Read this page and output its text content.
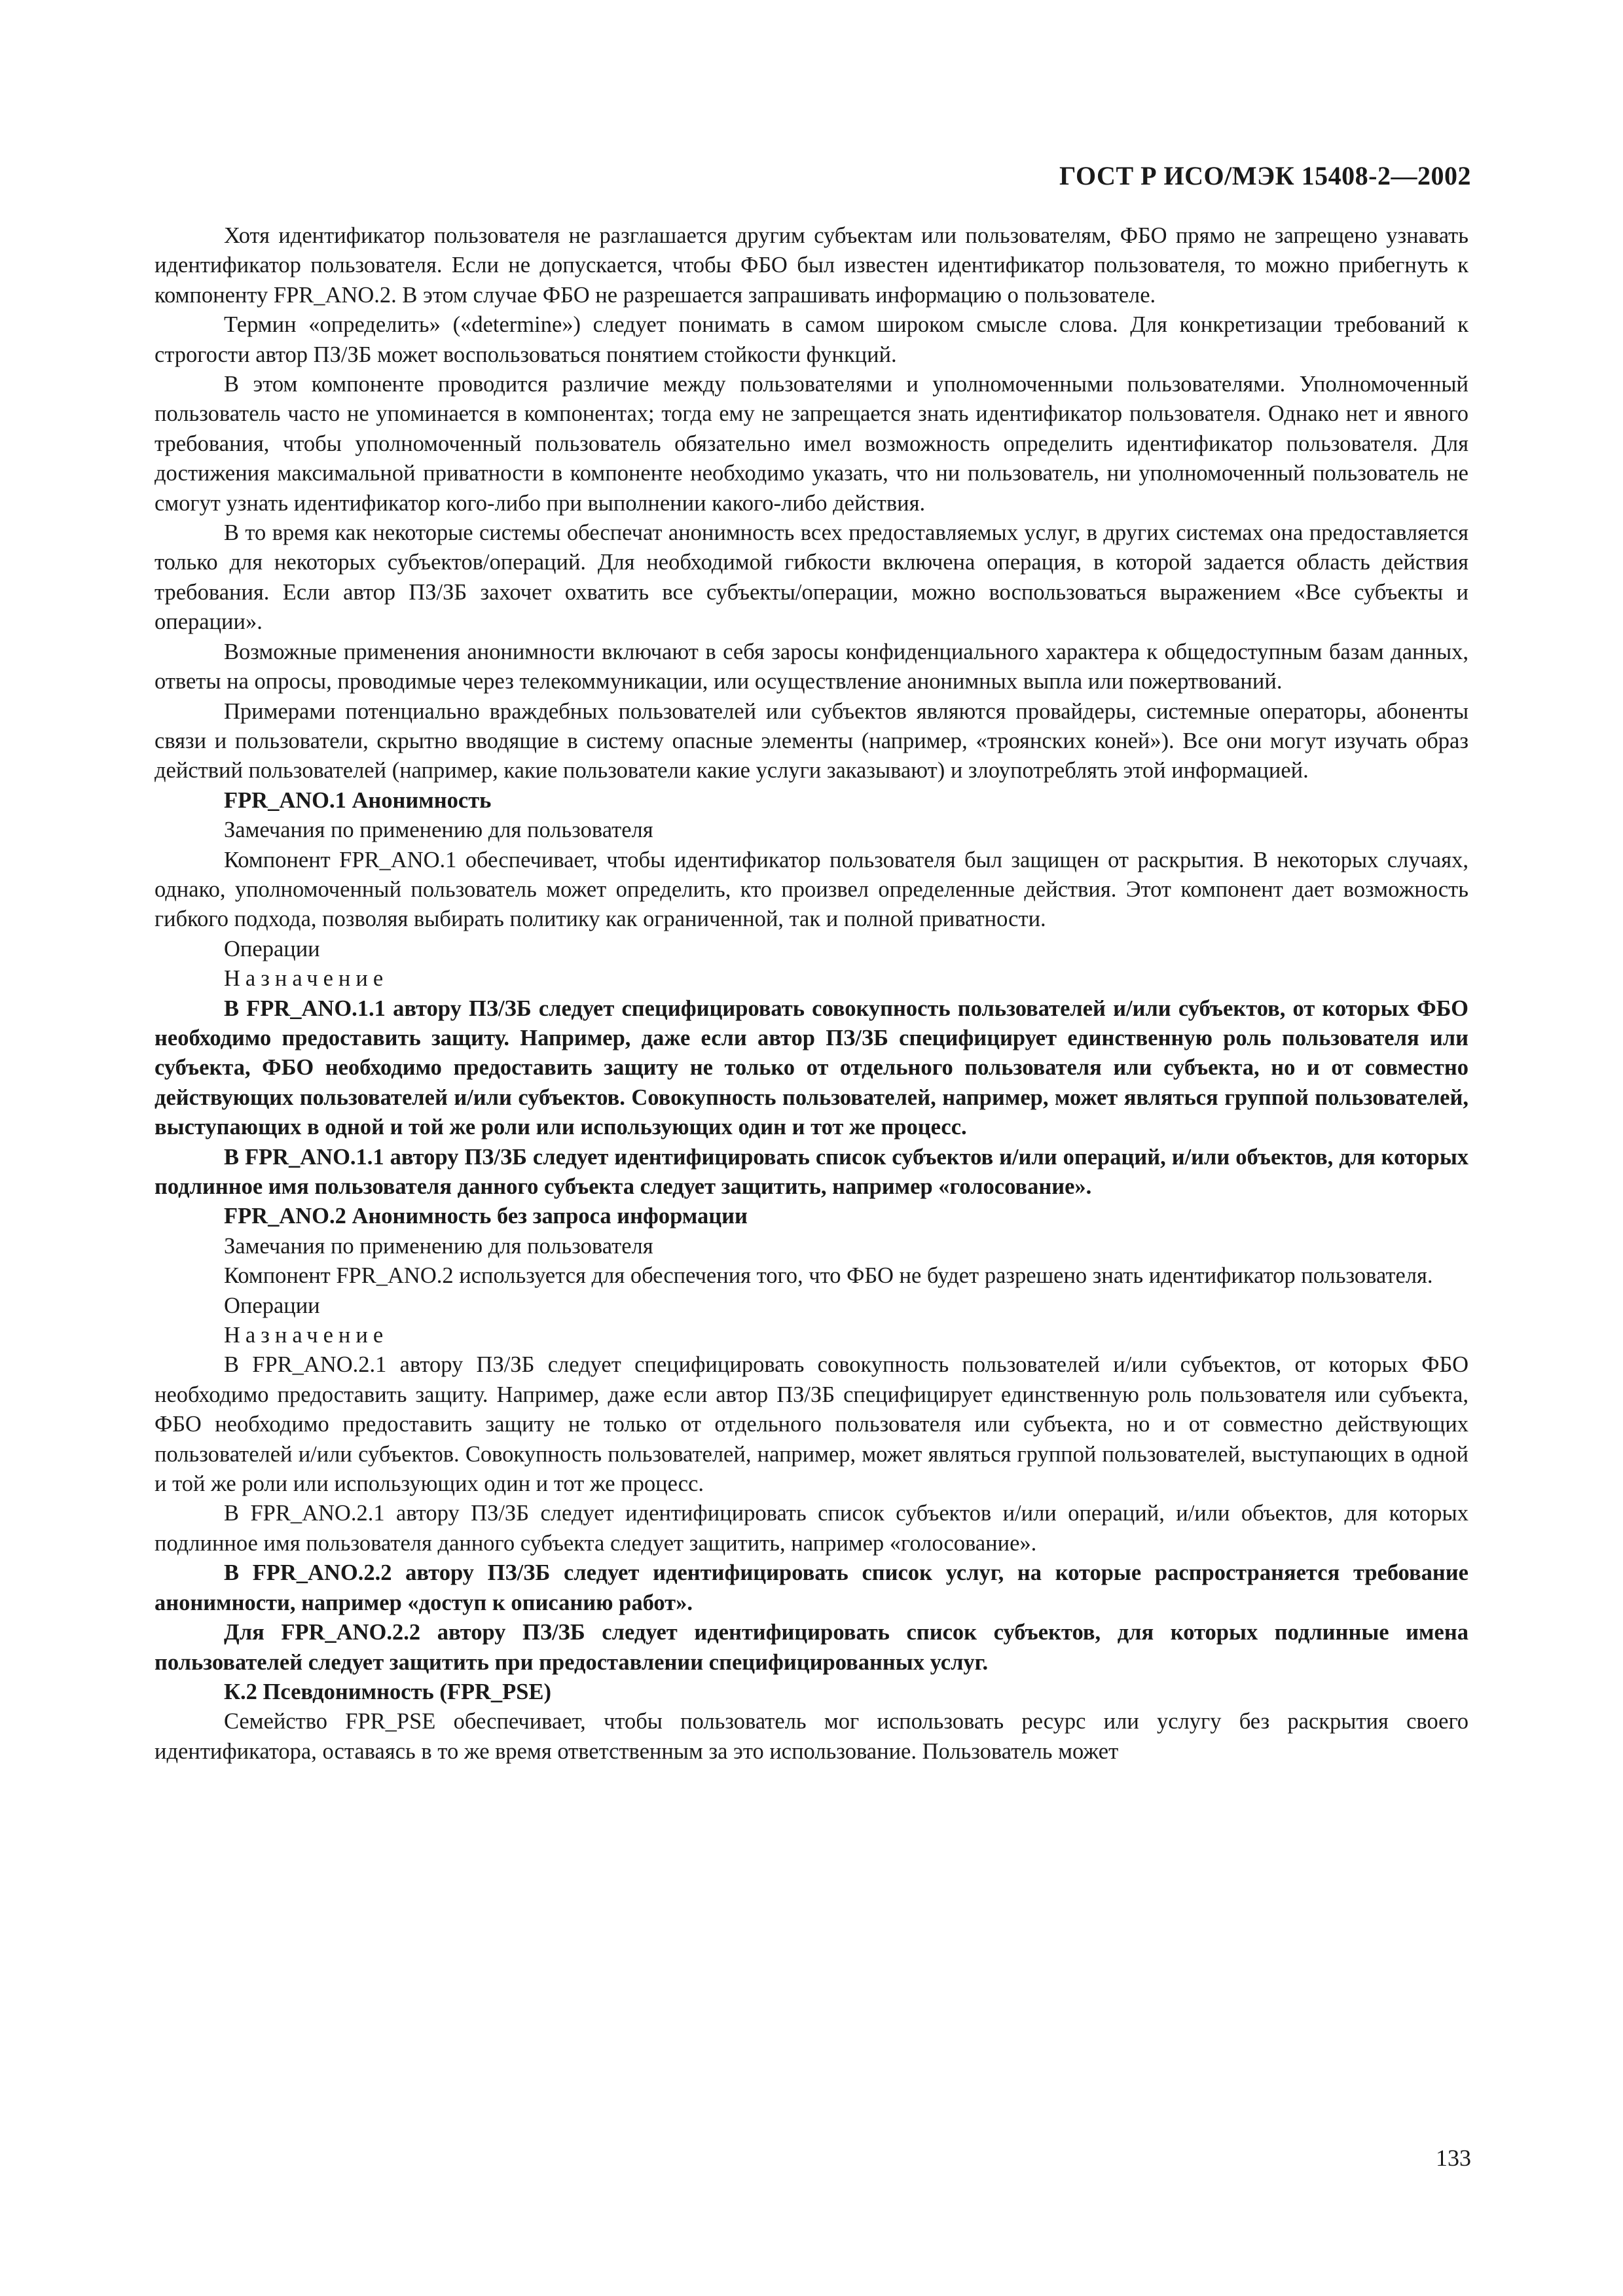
ГОСТ Р ИСО/МЭК 15408-2—2002

Хотя идентификатор пользователя не разглашается другим субъектам или пользователям, ФБО прямо не запрещено узнавать идентификатор пользователя. Если не допускается, чтобы ФБО был известен идентификатор пользователя, то можно прибегнуть к компоненту FPR_ANO.2. В этом случае ФБО не разрешается запрашивать информацию о пользователе.

Термин «определить» («determine») следует понимать в самом широком смысле слова. Для конкретизации требований к строгости автор ПЗ/ЗБ может воспользоваться понятием стойкости функций.

В этом компоненте проводится различие между пользователями и уполномоченными пользователями. Уполномоченный пользователь часто не упоминается в компонентах; тогда ему не запрещается знать идентификатор пользователя. Однако нет и явного требования, чтобы уполномоченный пользователь обязательно имел возможность определить идентификатор пользователя. Для достижения максимальной приватности в компоненте необходимо указать, что ни пользователь, ни уполномоченный пользователь не смогут узнать идентификатор кого-либо при выполнении какого-либо действия.

В то время как некоторые системы обеспечат анонимность всех предоставляемых услуг, в других системах она предоставляется только для некоторых субъектов/операций. Для необходимой гибкости включена операция, в которой задается область действия требования. Если автор ПЗ/ЗБ захочет охватить все субъекты/операции, можно воспользоваться выражением «Все субъекты и операции».

Возможные применения анонимности включают в себя заросы конфиденциального характера к общедоступным базам данных, ответы на опросы, проводимые через телекоммуникации, или осуществление анонимных выпла или пожертвований.

Примерами потенциально враждебных пользователей или субъектов являются провайдеры, системные операторы, абоненты связи и пользователи, скрытно вводящие в систему опасные элементы (например, «троянских коней»). Все они могут изучать образ действий пользователей (например, какие пользователи какие услуги заказывают) и злоупотреблять этой информацией.

FPR_ANO.1 Анонимность

Замечания по применению для пользователя

Компонент FPR_ANO.1 обеспечивает, чтобы идентификатор пользователя был защищен от раскрытия. В некоторых случаях, однако, уполномоченный пользователь может определить, кто произвел определенные действия. Этот компонент дает возможность гибкого подхода, позволяя выбирать политику как ограниченной, так и полной приватности.

Операции

Назначение

В FPR_ANO.1.1 автору ПЗ/ЗБ следует специфицировать совокупность пользователей и/или субъектов, от которых ФБО необходимо предоставить защиту. Например, даже если автор ПЗ/ЗБ специфицирует единственную роль пользователя или субъекта, ФБО необходимо предоставить защиту не только от отдельного пользователя или субъекта, но и от совместно действующих пользователей и/или субъектов. Совокупность пользователей, например, может являться группой пользователей, выступающих в одной и той же роли или использующих один и тот же процесс.

В FPR_ANO.1.1 автору ПЗ/ЗБ следует идентифицировать список субъектов и/или операций, и/или объектов, для которых подлинное имя пользователя данного субъекта следует защитить, например «голосование».

FPR_ANO.2 Анонимность без запроса информации

Замечания по применению для пользователя

Компонент FPR_ANO.2 используется для обеспечения того, что ФБО не будет разрешено знать идентификатор пользователя.

Операции

Назначение

В FPR_ANO.2.1 автору ПЗ/ЗБ следует специфицировать совокупность пользователей и/или субъектов, от которых ФБО необходимо предоставить защиту. Например, даже если автор ПЗ/ЗБ специфицирует единственную роль пользователя или субъекта, ФБО необходимо предоставить защиту не только от отдельного пользователя или субъекта, но и от совместно действующих пользователей и/или субъектов. Совокупность пользователей, например, может являться группой пользователей, выступающих в одной и той же роли или использующих один и тот же процесс.

В FPR_ANO.2.1 автору ПЗ/ЗБ следует идентифицировать список субъектов и/или операций, и/или объектов, для которых подлинное имя пользователя данного субъекта следует защитить, например «голосование».

В FPR_ANO.2.2 автору ПЗ/ЗБ следует идентифицировать список услуг, на которые распространяется требование анонимности, например «доступ к описанию работ».

Для FPR_ANO.2.2 автору ПЗ/ЗБ следует идентифицировать список субъектов, для которых подлинные имена пользователей следует защитить при предоставлении специфицированных услуг.

К.2 Псевдонимность (FPR_PSE)

Семейство FPR_PSE обеспечивает, чтобы пользователь мог использовать ресурс или услугу без раскрытия своего идентификатора, оставаясь в то же время ответственным за это использование. Пользователь может

133
